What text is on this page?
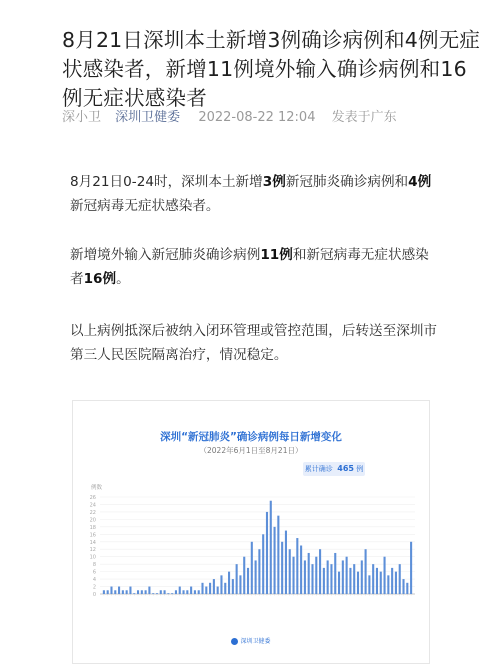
8月21日深圳本土新增3例确诊病例和4例无症状感染者，新增11例境外输入确诊病例和16例无症状感染者
深小卫 深圳卫健委 2022-08-22 12:04 发表于广东

8月21日0-24时，深圳本土新增3例新冠肺炎确诊病例和4例新冠病毒无症状感染者。

新增境外输入新冠肺炎确诊病例11例和新冠病毒无症状感染者16例。

以上病例抵深后被纳入闭环管理或管控范围，后转送至深圳市第三人民医院隔离治疗，情况稳定。

例数
26
24
22
20
18
16
14
12
10
8
6
4
2
0
深圳“新冠肺炎”确诊病例每日新增变化
（2022年6月1日至8月21日）
累计确诊 465 例
深圳卫健委
